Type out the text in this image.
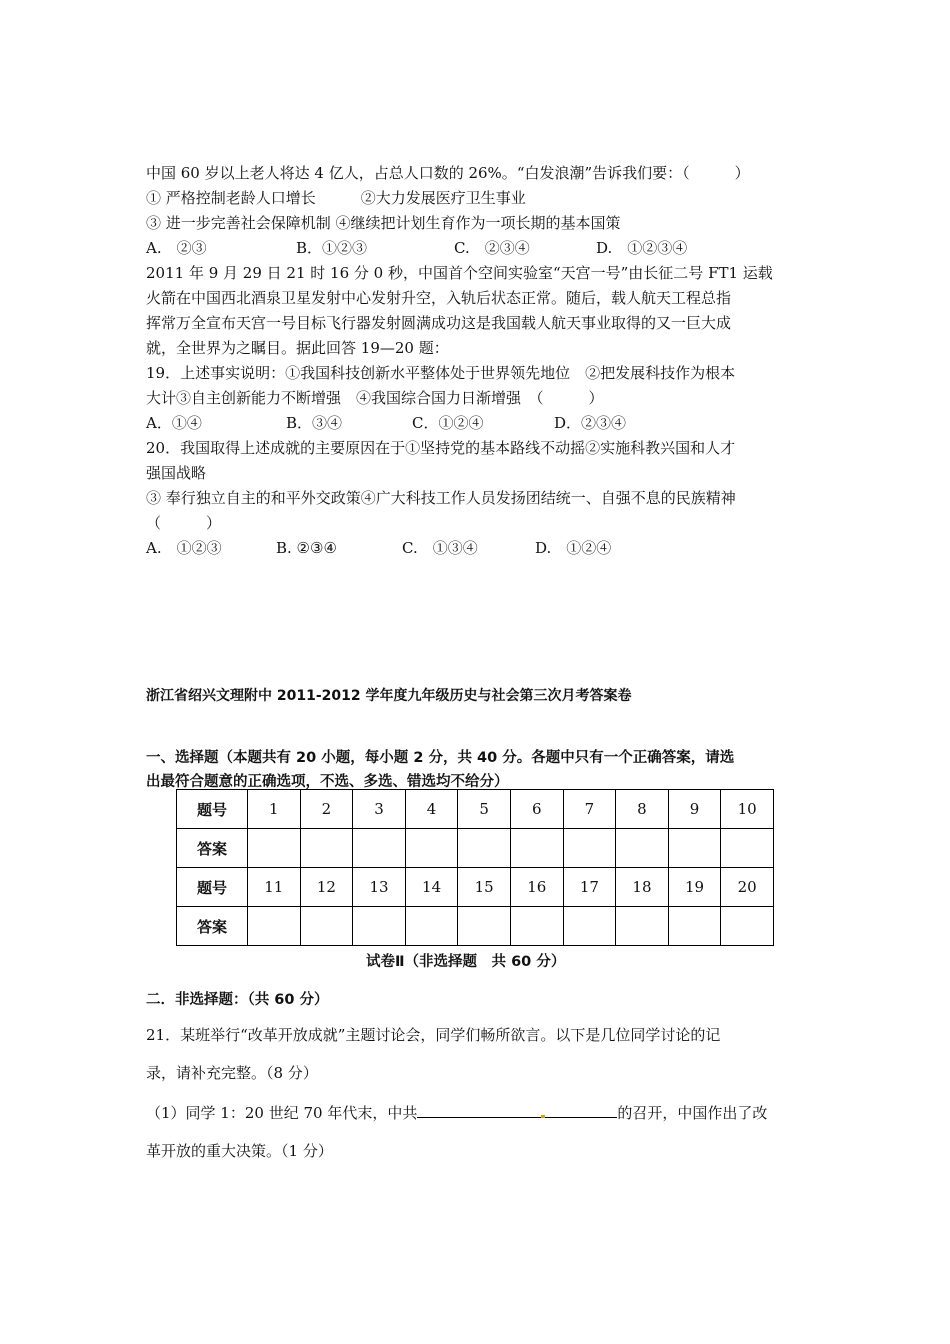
中国 60 岁以上老人将达 4 亿人，占总人口数的 26%。“白发浪潮”告诉我们要：（　　　）
① 严格控制老龄人口增长　　　②大力发展医疗卫生事业
③ 进一步完善社会保障机制 ④继续把计划生育作为一项长期的基本国策
A.　②③	B．①②③	C.　②③④	D.　①②③④
2011 年 9 月 29 日 21 时 16 分 0 秒，中国首个空间实验室“天宫一号”由长征二号 FT1 运载
火箭在中国西北酒泉卫星发射中心发射升空，入轨后状态正常。随后，载人航天工程总指
挥常万全宣布天宫一号目标飞行器发射圆满成功这是我国载人航天事业取得的又一巨大成
就，全世界为之瞩目。据此回答 19—20 题：
19．上述事实说明：①我国科技创新水平整体处于世界领先地位　②把发展科技作为根本
大计③自主创新能力不断增强　④我国综合国力日渐增强　（　　　）
A．①④	B．③④	C．①②④	D．②③④
20．我国取得上述成就的主要原因在于①坚持党的基本路线不动摇②实施科教兴国和人才
强国战略
③ 奉行独立自主的和平外交政策④广大科技工作人员发扬团结统一、自强不息的民族精神
（　　　）
A.　①②③	B. ②③④	C.　①③④	D.　①②④
浙江省绍兴文理附中 2011-2012 学年度九年级历史与社会第三次月考答案卷
一、选择题（本题共有 20 小题，每小题 2 分，共 40 分。各题中只有一个正确答案，请选
出最符合题意的正确选项，不选、多选、错选均不给分）
题号	1	2	3	4	5	6	7	8	9	10
答案										
题号	11	12	13	14	15	16	17	18	19	20
答案										
试卷Ⅱ（非选择题　共 60 分）
二．非选择题：（共 60 分）
21．某班举行“改革开放成就”主题讨论会，同学们畅所欲言。以下是几位同学讨论的记
录，请补充完整。（8 分）
（1）同学 1：20 世纪 70 年代末，中共	的召开，中国作出了改
革开放的重大决策。（1 分）
